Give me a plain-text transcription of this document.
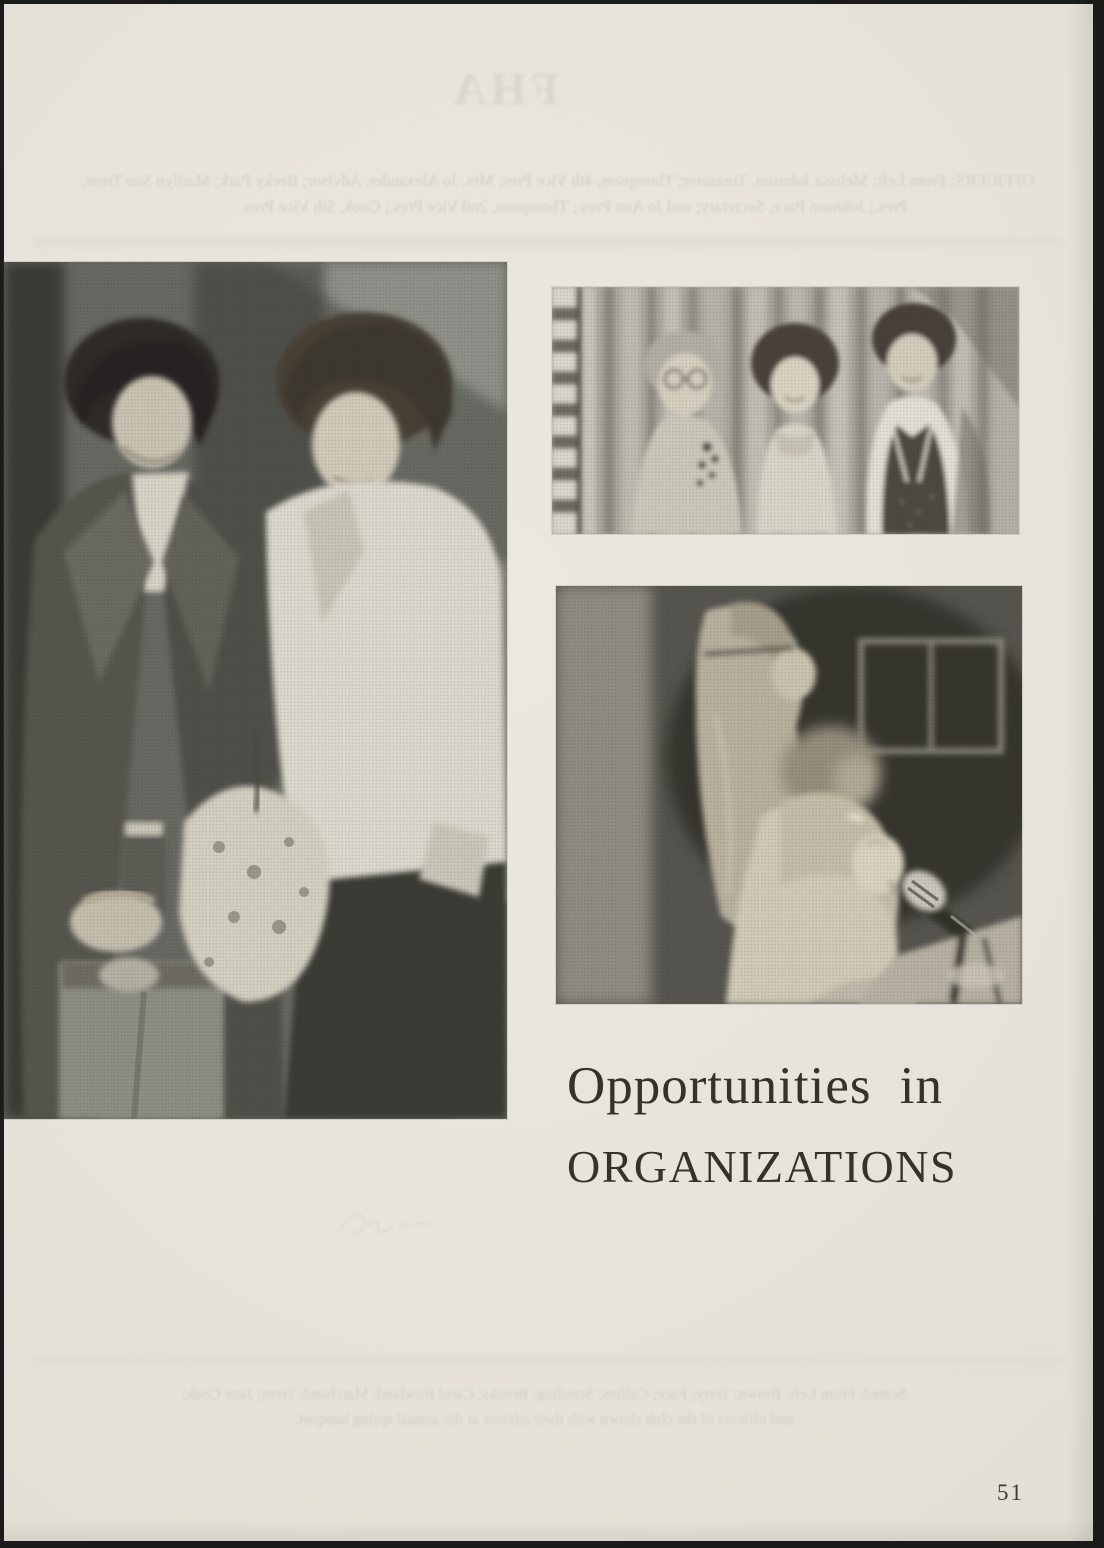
FHA
OFFICERS: From Left: Melissa Johnson, Treasurer; Thompson, 4th Vice Pres; Mrs. Jo Alexander, Advisor; Becky Park; Marilyn Sue Trent,
Pres.; Johnson Pace, Secretary; and Jo Ann Pres.; Thompson, 2nd Vice Pres.; Cook, 5th Vice Pres.
Seated: From Left: Brown; Terry; Pace; Collins; Standing: Brooks; Carol Rowland; Marchand; Trent; Jane Cook;
and officers of the club shown with their advisor at the annual spring banquet.
Opportunities in
ORGANIZATIONS
51
